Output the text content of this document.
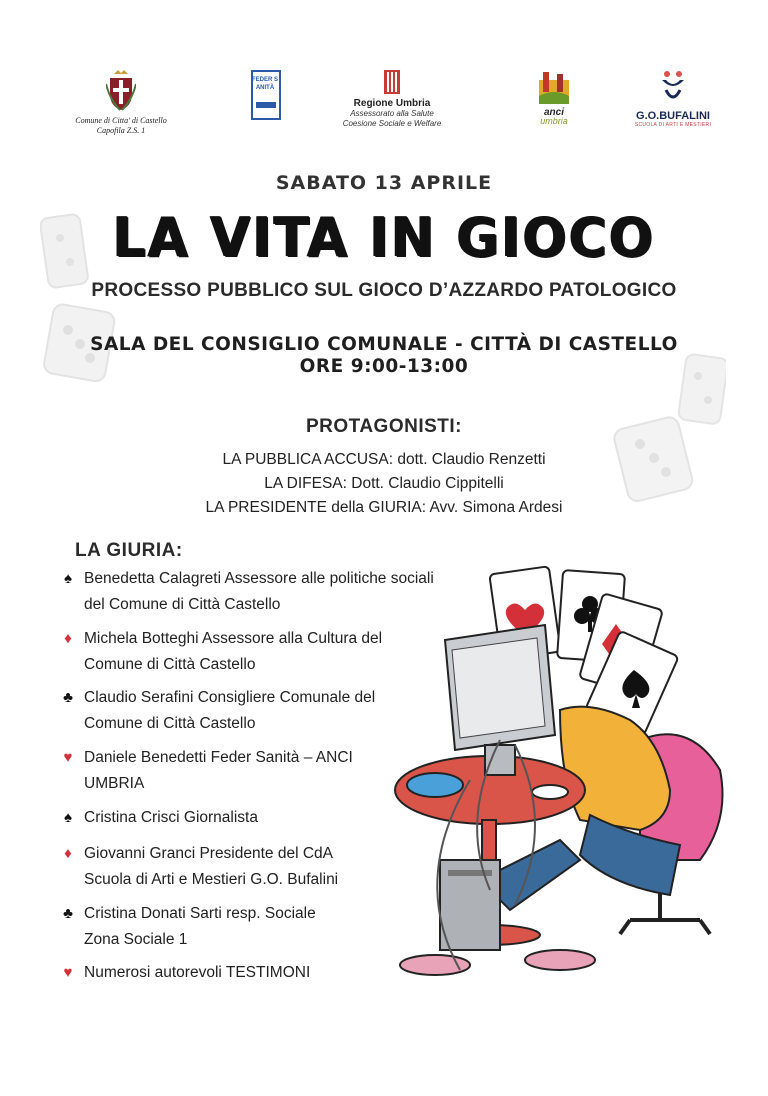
Comune di Citta' di Castello
Capofila Z.S. 1
FEDER SANITÀ
Regione Umbria
Assessorato alla Salute
Coesione Sociale e Welfare
anci
umbria	G.O.BUFALINI
SCUOLA DI ARTI E MESTIERI
SABATO 13 APRILE
LA VITA IN GIOCO
PROCESSO PUBBLICO SUL GIOCO D’AZZARDO PATOLOGICO
SALA DEL CONSIGLIO COMUNALE - CITTÀ DI CASTELLO
ORE 9:00-13:00
PROTAGONISTI:
LA PUBBLICA ACCUSA: dott. Claudio Renzetti
LA DIFESA: Dott. Claudio Cippitelli
LA PRESIDENTE della GIURIA: Avv. Simona Ardesi
LA GIURIA:
♠ Benedetta Calagreti Assessore alle politiche sociali
del Comune di Città Castello
♦ Michela Botteghi Assessore alla Cultura del
Comune di Città Castello
♣ Claudio Serafini Consigliere Comunale del
Comune di Città Castello
♥ Daniele Benedetti Feder Sanità – ANCI
UMBRIA
♠ Cristina Crisci Giornalista
♦ Giovanni Granci Presidente del CdA
Scuola di Arti e Mestieri G.O. Bufalini
♣ Cristina Donati Sarti resp. Sociale
Zona Sociale 1
♥ Numerosi autorevoli TESTIMONI
